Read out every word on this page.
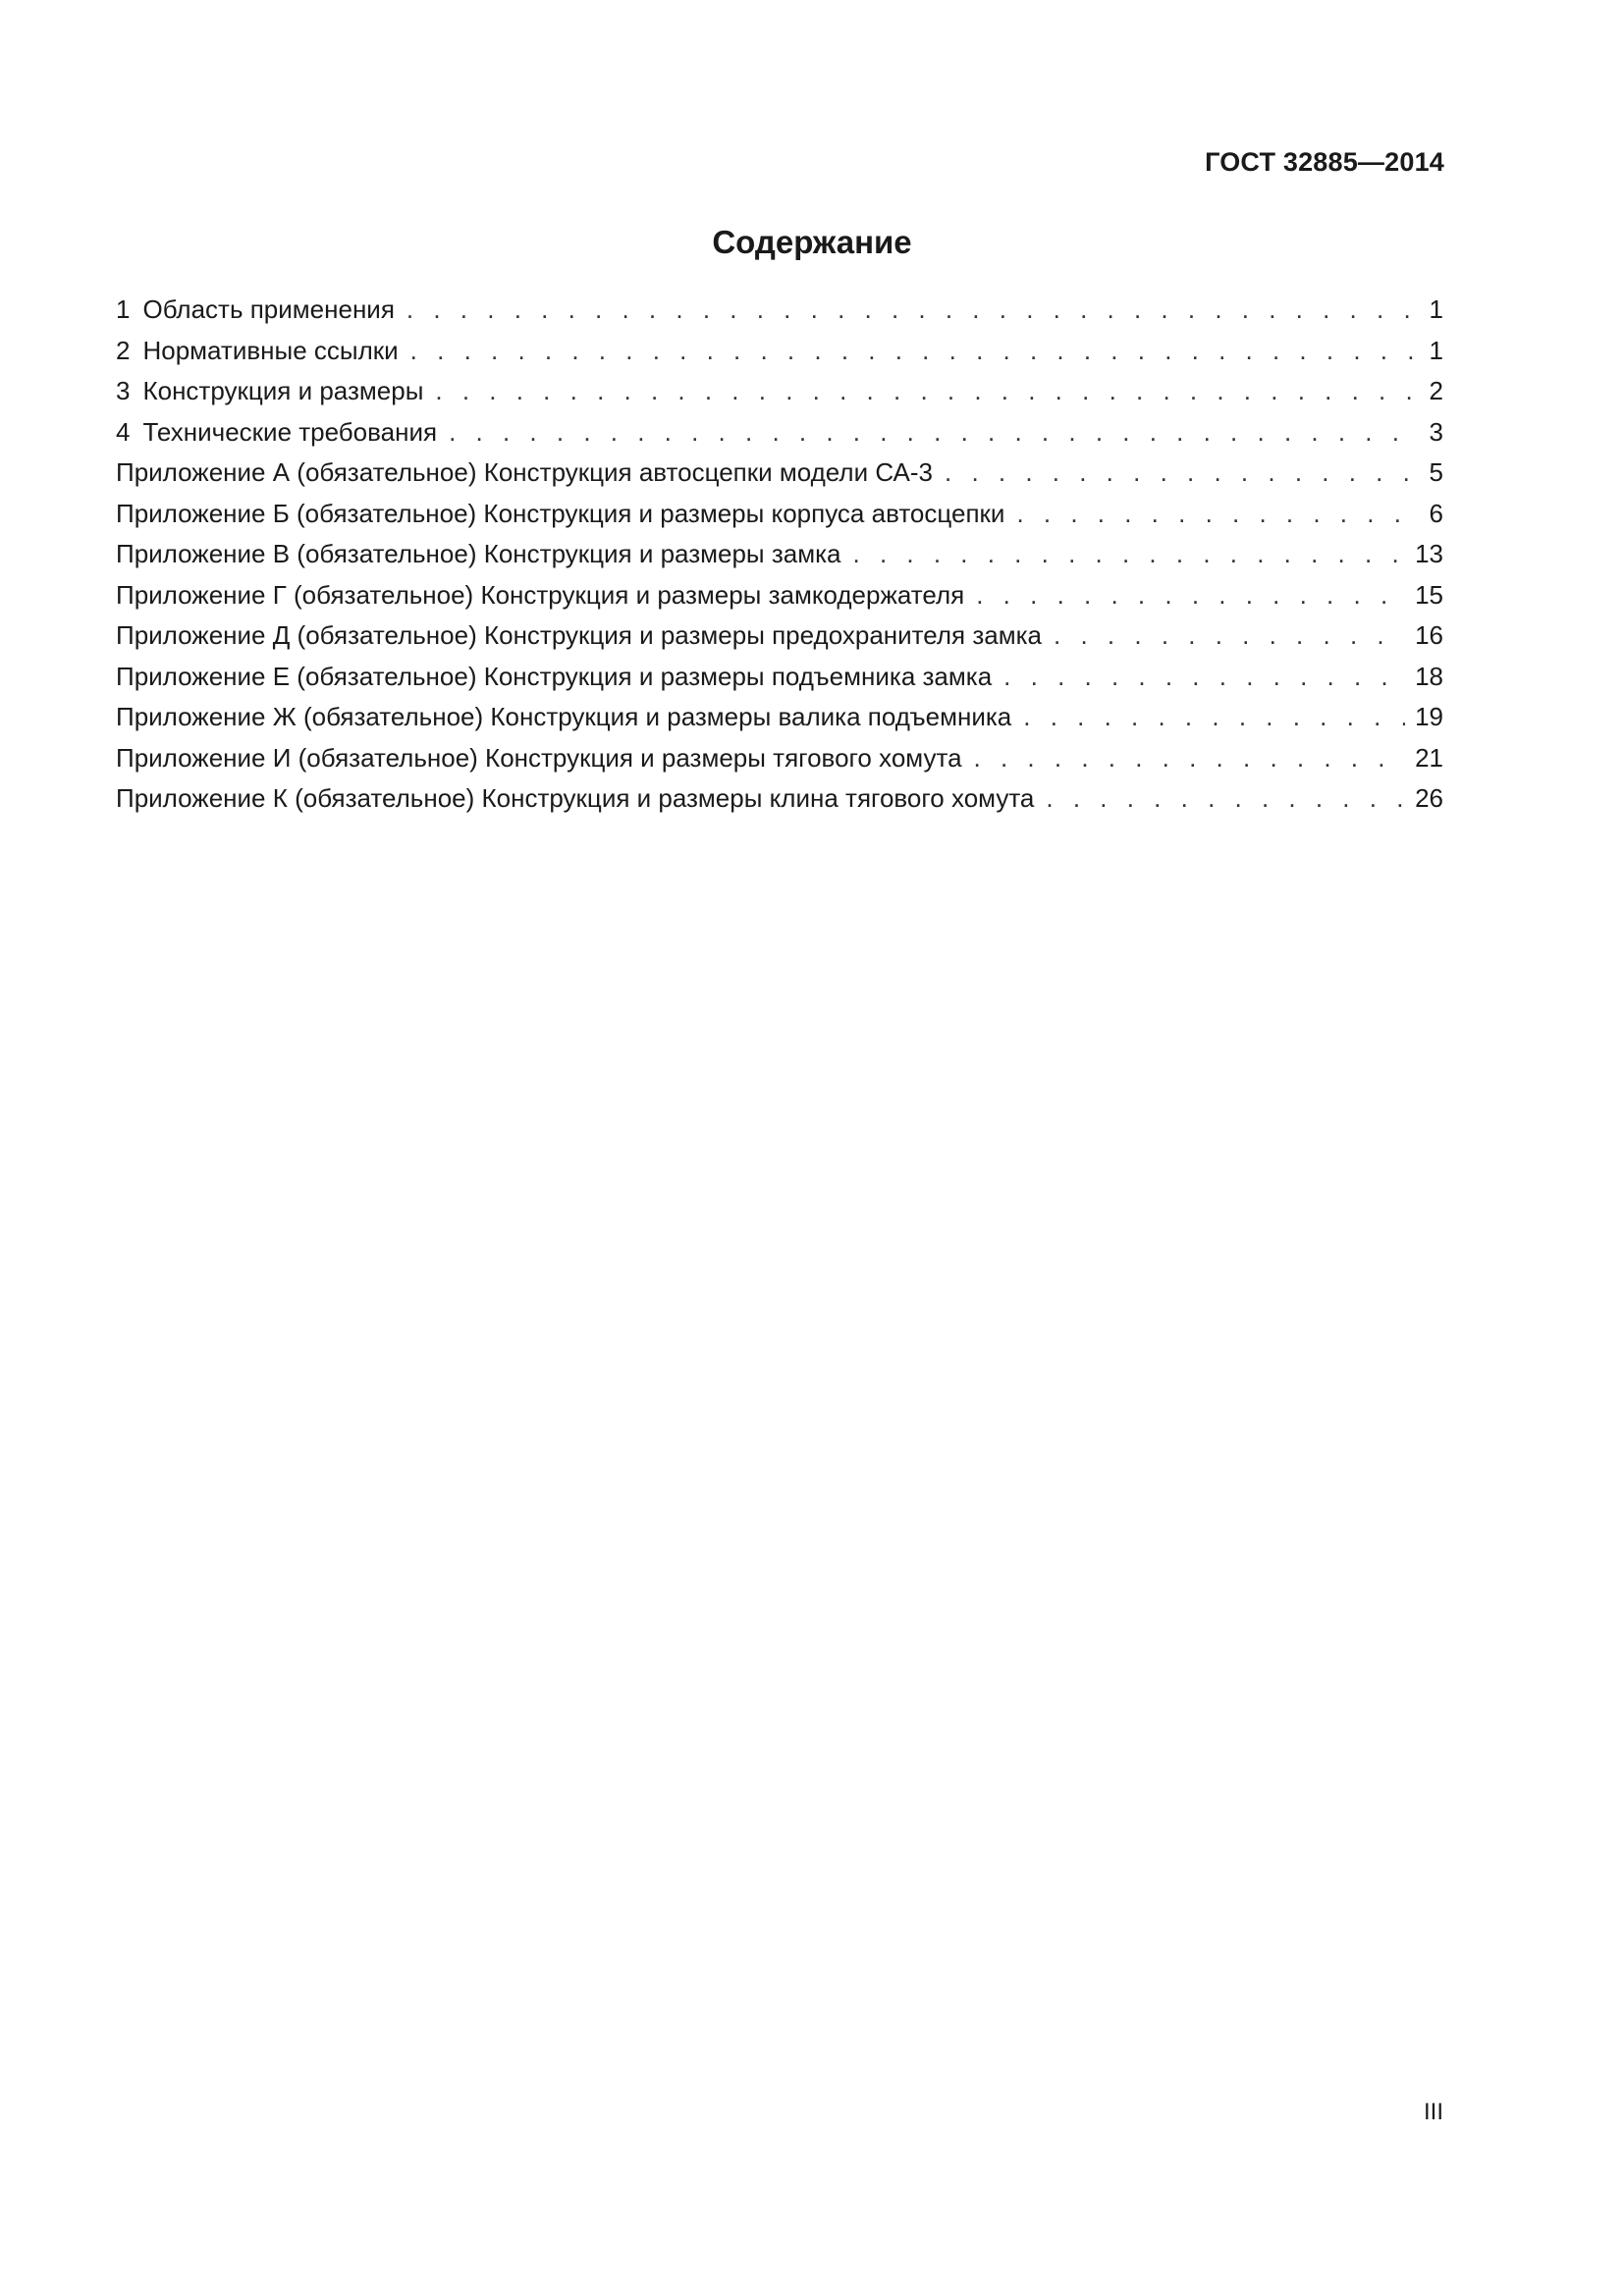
ГОСТ 32885—2014
Содержание
1 Область применения . . .	1
2 Нормативные ссылки . . .	1
3 Конструкция и размеры . . .	2
4 Технические требования . . .	3
Приложение А (обязательное) Конструкция автосцепки модели СА-3 . . .	5
Приложение Б (обязательное) Конструкция и размеры корпуса автосцепки . . .	6
Приложение В (обязательное) Конструкция и размеры замка . . .	13
Приложение Г (обязательное) Конструкция и размеры замкодержателя . . .	15
Приложение Д (обязательное) Конструкция и размеры предохранителя замка . . .	16
Приложение Е (обязательное) Конструкция и размеры подъемника замка . . .	18
Приложение Ж (обязательное) Конструкция и размеры валика подъемника . . .	19
Приложение И (обязательное) Конструкция и размеры тягового хомута . . .	21
Приложение К (обязательное) Конструкция и размеры клина тягового хомута . . .	26
III
